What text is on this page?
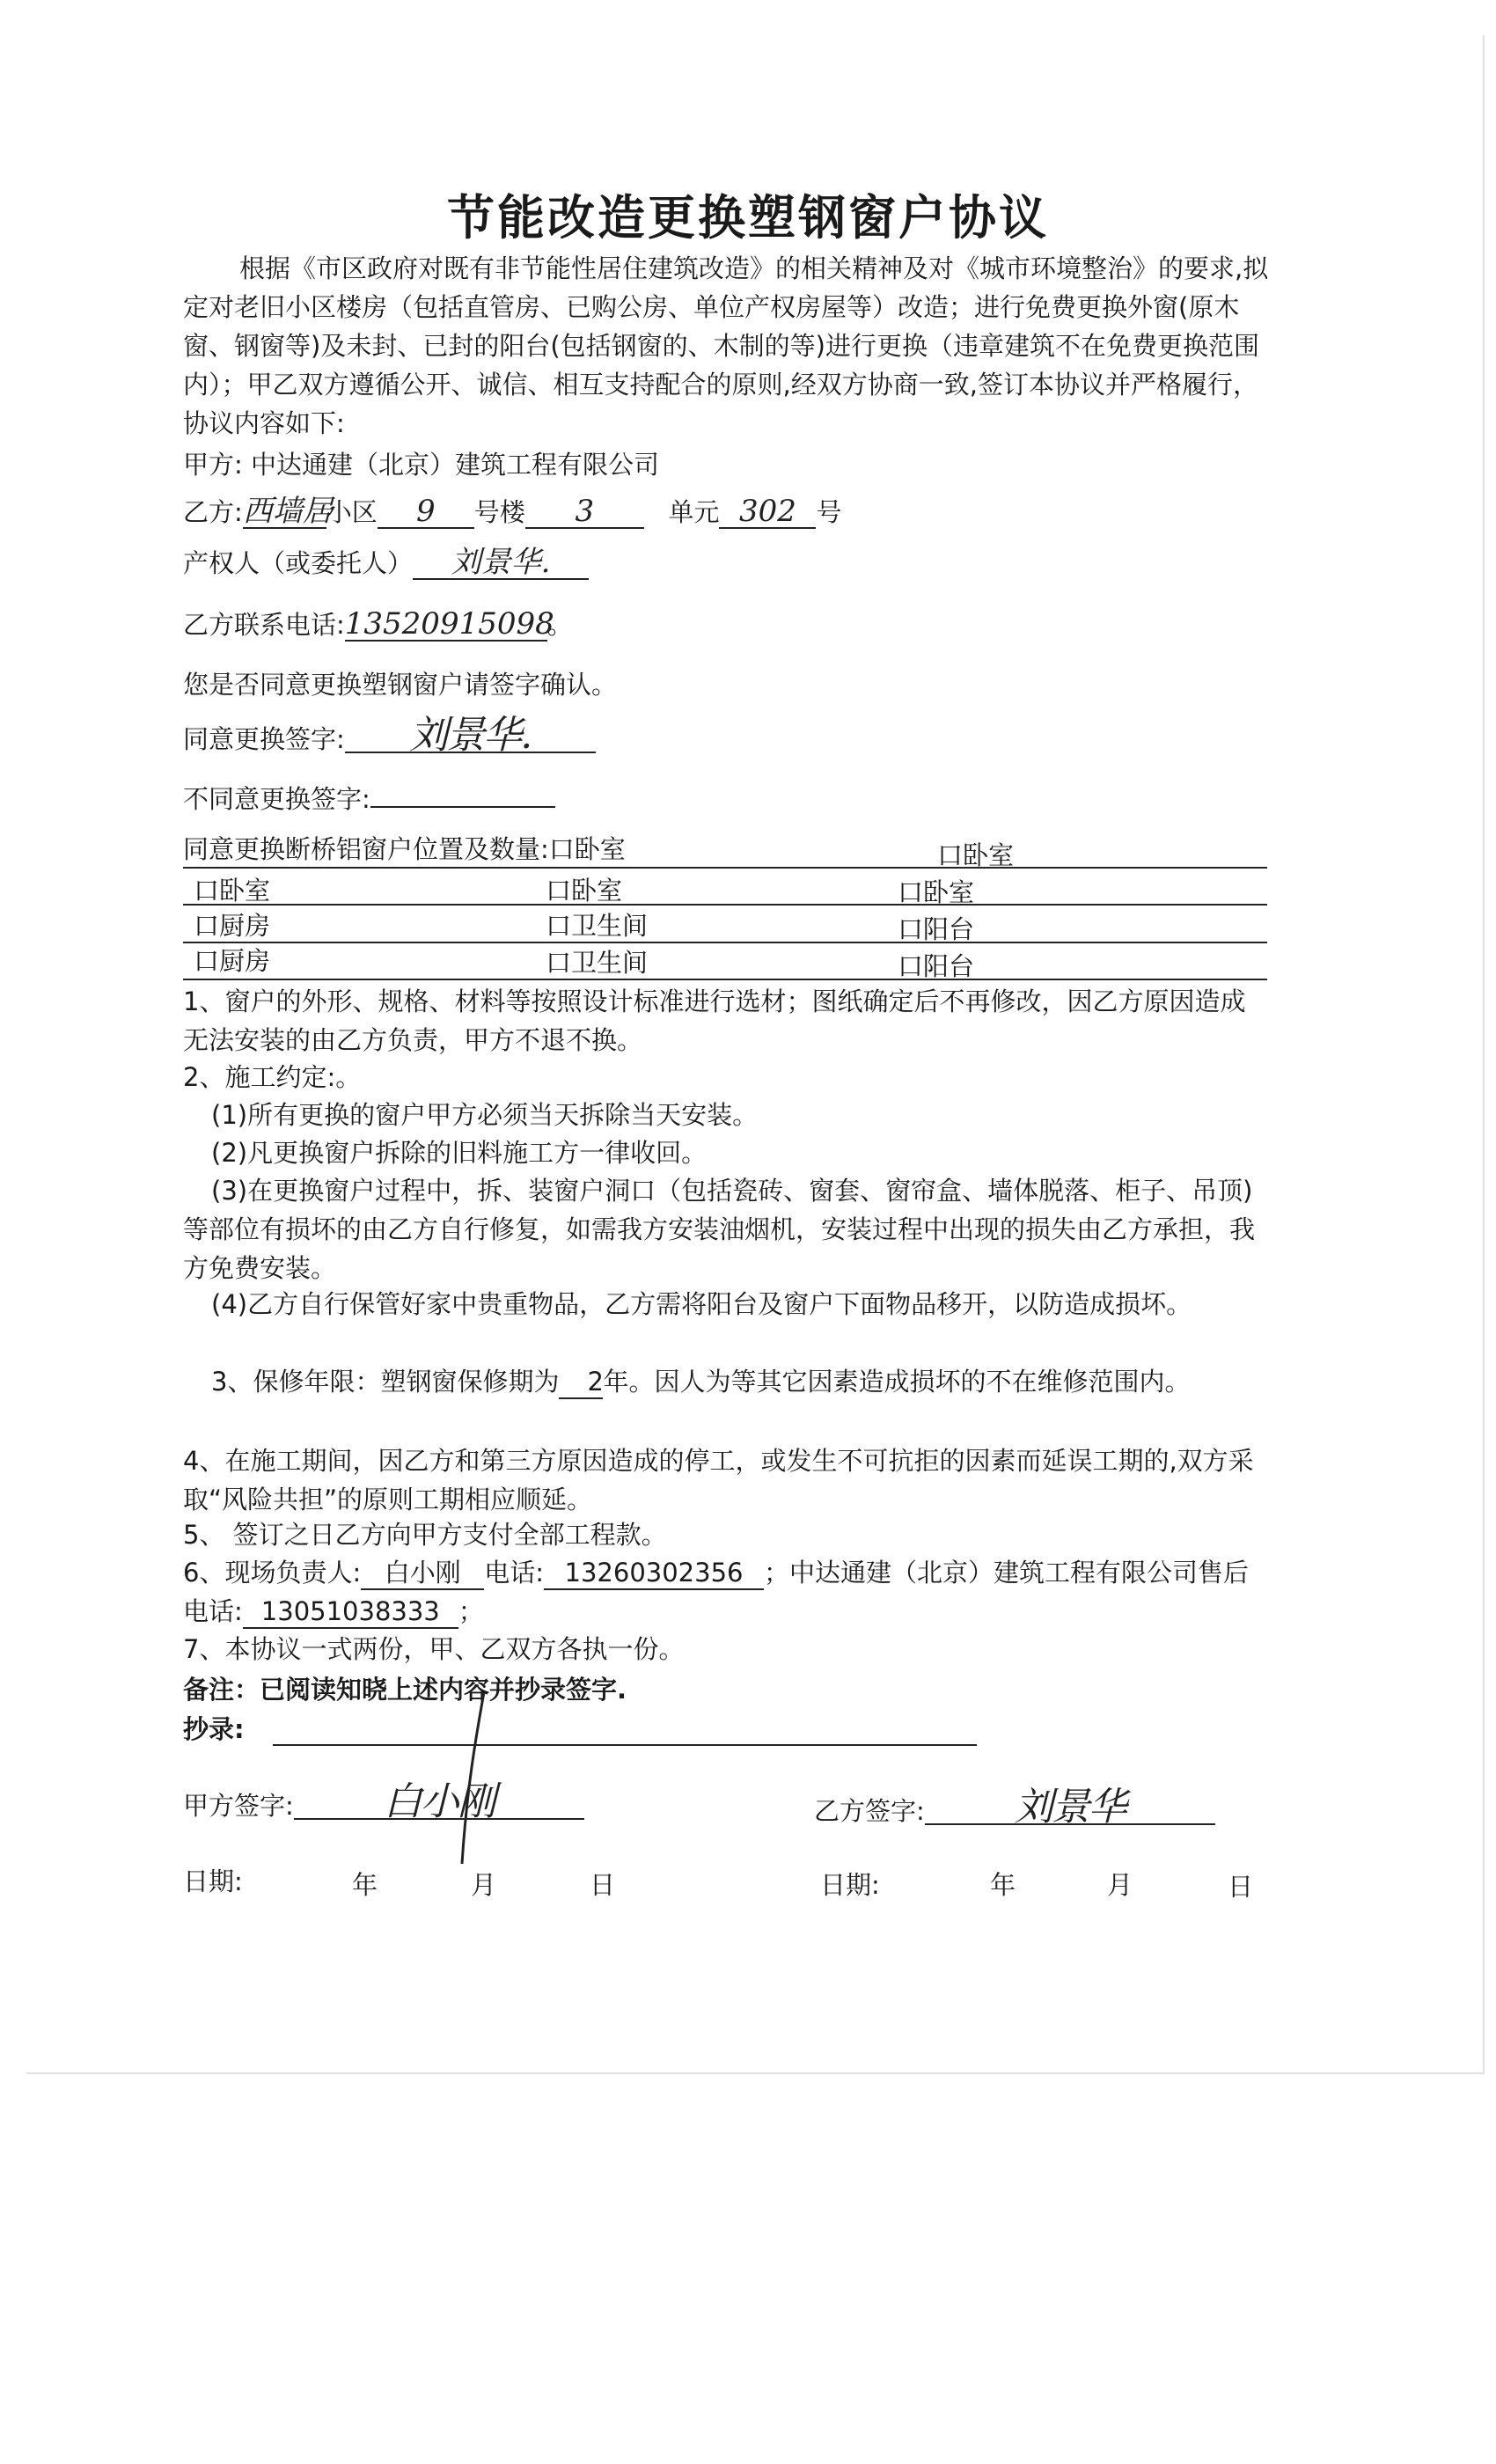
节能改造更换塑钢窗户协议
根据《市区政府对既有非节能性居住建筑改造》的相关精神及对《城市环境整治》的要求,拟定对老旧小区楼房（包括直管房、已购公房、单位产权房屋等）改造；进行免费更换外窗(原木窗、钢窗等)及未封、已封的阳台(包括钢窗的、木制的等)进行更换（违章建筑不在免费更换范围内）；甲乙双方遵循公开、诚信、相互支持配合的原则,经双方协商一致,签订本协议并严格履行，协议内容如下:
甲方: 中达通建（北京）建筑工程有限公司
乙方:西墙居小区 9 号楼 3	单元 302 号
产权人（或委托人） 刘景华.
乙方联系电话:13520915098。
您是否同意更换塑钢窗户请签字确认。
同意更换签字: 刘景华.
不同意更换签字:
同意更换断桥铝窗户位置及数量:口卧室	口卧室
口卧室	口卧室	口卧室
口厨房	口卫生间	口阳台
口厨房	口卫生间	口阳台
1、窗户的外形、规格、材料等按照设计标准进行选材；图纸确定后不再修改，因乙方原因造成无法安装的由乙方负责，甲方不退不换。
2、施工约定:。
(1)所有更换的窗户甲方必须当天拆除当天安装。
(2)凡更换窗户拆除的旧料施工方一律收回。
(3)在更换窗户过程中，拆、装窗户洞口（包括瓷砖、窗套、窗帘盒、墙体脱落、柜子、吊顶)等部位有损坏的由乙方自行修复，如需我方安装油烟机，安装过程中出现的损失由乙方承担，我方免费安装。
(4)乙方自行保管好家中贵重物品，乙方需将阳台及窗户下面物品移开，以防造成损坏。
3、保修年限：塑钢窗保修期为 2年。因人为等其它因素造成损坏的不在维修范围内。
4、在施工期间，因乙方和第三方原因造成的停工，或发生不可抗拒的因素而延误工期的,双方采取“风险共担”的原则工期相应顺延。
5、 签订之日乙方向甲方支付全部工程款。
6、现场负责人: 白小刚 电话: 13260302356 ；中达通建（北京）建筑工程有限公司售后电话: 13051038333 ；
7、本协议一式两份，甲、乙双方各执一份。
备注：已阅读知晓上述内容并抄录签字.
抄录:
甲方签字: 白小刚	乙方签字: 刘景华
日期:	年	月	日	日期:	年	月	日
